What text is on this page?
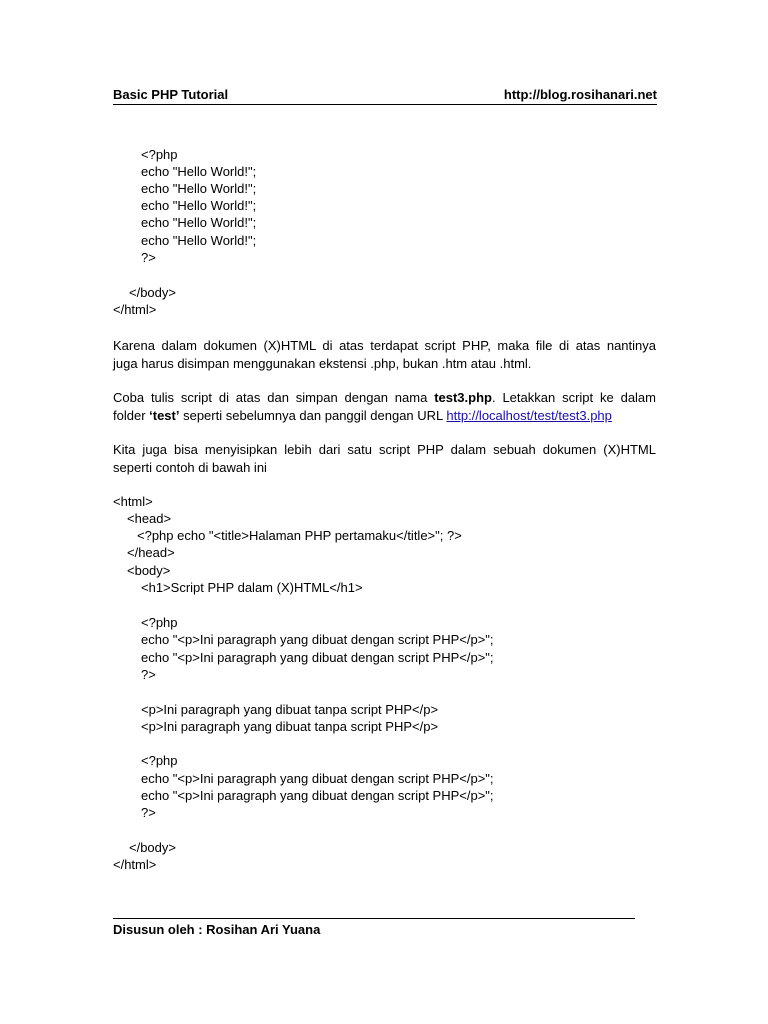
Basic PHP Tutorial	http://blog.rosihanari.net
<?php
echo "Hello World!";
echo "Hello World!";
echo "Hello World!";
echo "Hello World!";
echo "Hello World!";
?>
</body>
</html>

Karena dalam dokumen (X)HTML di atas terdapat script PHP, maka file di atas nantinya

juga harus disimpan menggunakan ekstensi .php, bukan .htm atau .html.

Coba tulis script di atas dan simpan dengan nama test3.php. Letakkan script ke dalam

folder ‘test’ seperti sebelumnya dan panggil dengan URL http://localhost/test/test3.php

Kita juga bisa menyisipkan lebih dari satu script PHP dalam sebuah dokumen (X)HTML

seperti contoh di bawah ini

<html>
<head>
<?php echo "<title>Halaman PHP pertamaku</title>"; ?>
</head>
<body>
<h1>Script PHP dalam (X)HTML</h1>
<?php
echo "<p>Ini paragraph yang dibuat dengan script PHP</p>";
echo "<p>Ini paragraph yang dibuat dengan script PHP</p>";
?>
<p>Ini paragraph yang dibuat tanpa script PHP</p>
<p>Ini paragraph yang dibuat tanpa script PHP</p>
<?php
echo "<p>Ini paragraph yang dibuat dengan script PHP</p>";
echo "<p>Ini paragraph yang dibuat dengan script PHP</p>";
?>
</body>
</html>
Disusun oleh : Rosihan Ari Yuana
